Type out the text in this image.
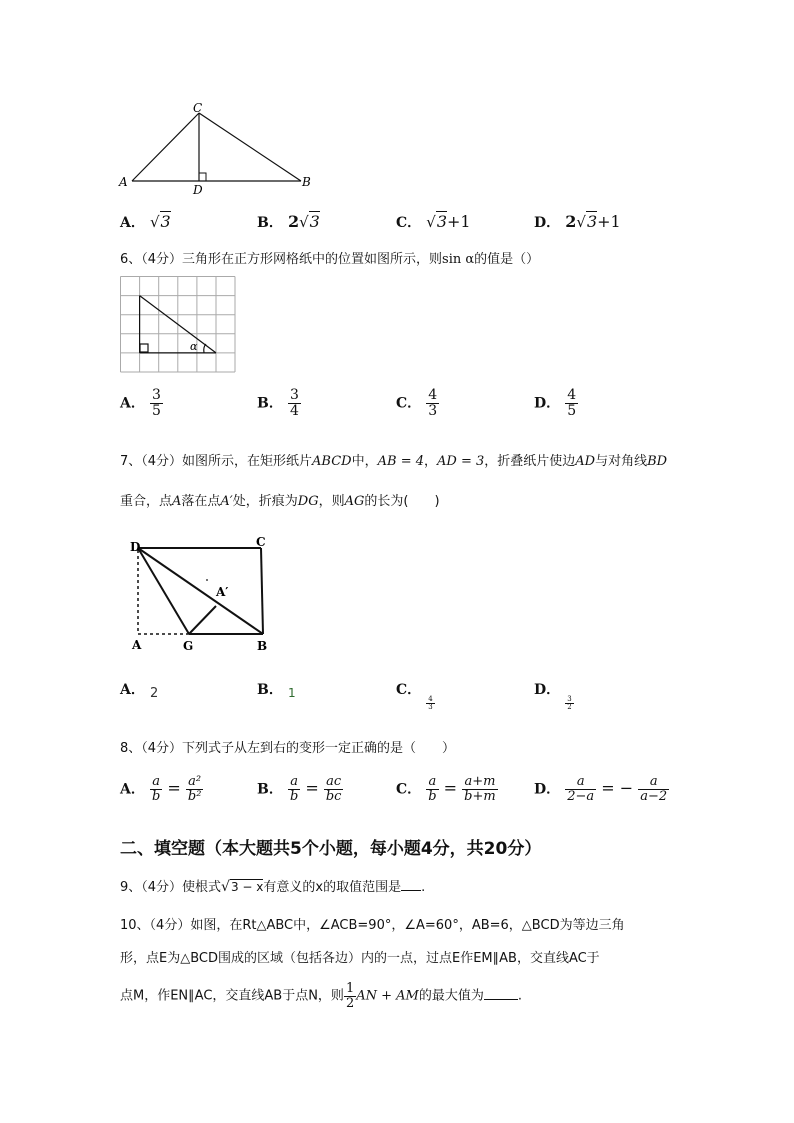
C
A	B
D
A． √3	B． 2√3	C． √3+1	D． 2√3+1
6、（4分）三角形在正方形网格纸中的位置如图所示，则sin α的值是（）
α
A． $\frac{3}{5}$	B． $\frac{3}{4}$	C． $\frac{4}{3}$	D． $\frac{4}{5}$
7、（4分）如图所示，在矩形纸片ABCD中，AB = 4，AD = 3，折叠纸片使边AD与对角线BD
重合，点A落在点A′处，折痕为DG，则AG的长为(　　)
D	C
A′
A	G	B
A． 2	B． 1	C．
$\frac{4}{3}$
D．
$\frac{3}{2}$
8、（4分）下列式子从左到右的变形一定正确的是（　　）
A． $\frac{a}{b} = \frac{\text{a²}}{\text{b²}}$	B． $\frac{a}{b} = \frac{ac}{bc}$	C． $\frac{a}{b} = \frac{a+m}{b+m}$	D． $\frac{a}{2-a}$ = − $\frac{a}{a-2}$
二、填空题（本大题共5个小题，每小题4分，共20分）
9、（4分）使根式√3 − x有意义的x的取值范围是 .
10、（4分）如图，在Rt△ABC中，∠ACB=90°，∠A=60°，AB=6，△BCD为等边三角
形，点E为△BCD围成的区域（包括各边）内的一点，过点E作EM∥AB，交直线AC于
点M，作EN∥AC，交直线AB于点N，则 $\frac{1}{2}$ AN + AM的最大值为	.
